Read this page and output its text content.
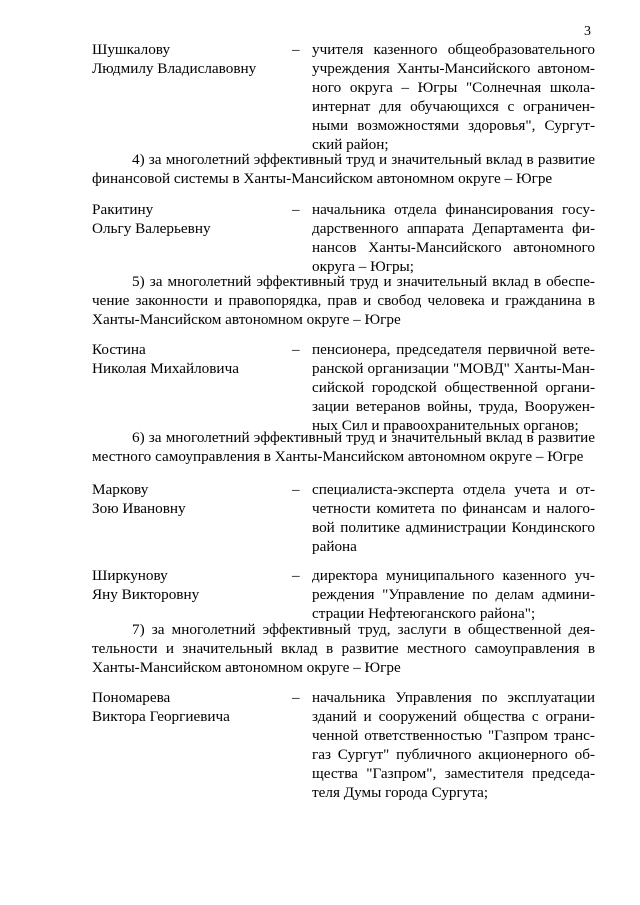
3
Шушкалову
Людмилу Владиславовну
– учителя казенного общеобразовательного
учреждения Ханты-Мансийского автоном-
ного округа – Югры "Солнечная школа-
интернат для обучающихся с ограничен-
ными возможностями здоровья", Сургут-
ский район;
4) за многолетний эффективный труд и значительный вклад в развитие
финансовой системы в Ханты-Мансийском автономном округе – Югре
Ракитину
Ольгу Валерьевну
– начальника отдела финансирования госу-
дарственного аппарата Департамента фи-
нансов Ханты-Мансийского автономного
округа – Югры;
5) за многолетний эффективный труд и значительный вклад в обеспе-
чение законности и правопорядка, прав и свобод человека и гражданина в
Ханты-Мансийском автономном округе – Югре
Костина
Николая Михайловича
– пенсионера, председателя первичной вете-
ранской организации "МОВД" Ханты-Ман-
сийской городской общественной органи-
зации ветеранов войны, труда, Вооружен-
ных Сил и правоохранительных органов;
6) за многолетний эффективный труд и значительный вклад в развитие
местного самоуправления в Ханты-Мансийском автономном округе – Югре
Маркову
Зою Ивановну
– специалиста-эксперта отдела учета и от-
четности комитета по финансам и налого-
вой политике администрации Кондинского
района
Ширкунову
Яну Викторовну
– директора муниципального казенного уч-
реждения "Управление по делам админи-
страции Нефтеюганского района";
7) за многолетний эффективный труд, заслуги в общественной дея-
тельности и значительный вклад в развитие местного самоуправления в
Ханты-Мансийском автономном округе – Югре
Пономарева
Виктора Георгиевича
– начальника Управления по эксплуатации
зданий и сооружений общества с ограни-
ченной ответственностью "Газпром транс-
газ Сургут" публичного акционерного об-
щества "Газпром", заместителя председа-
теля Думы города Сургута;
